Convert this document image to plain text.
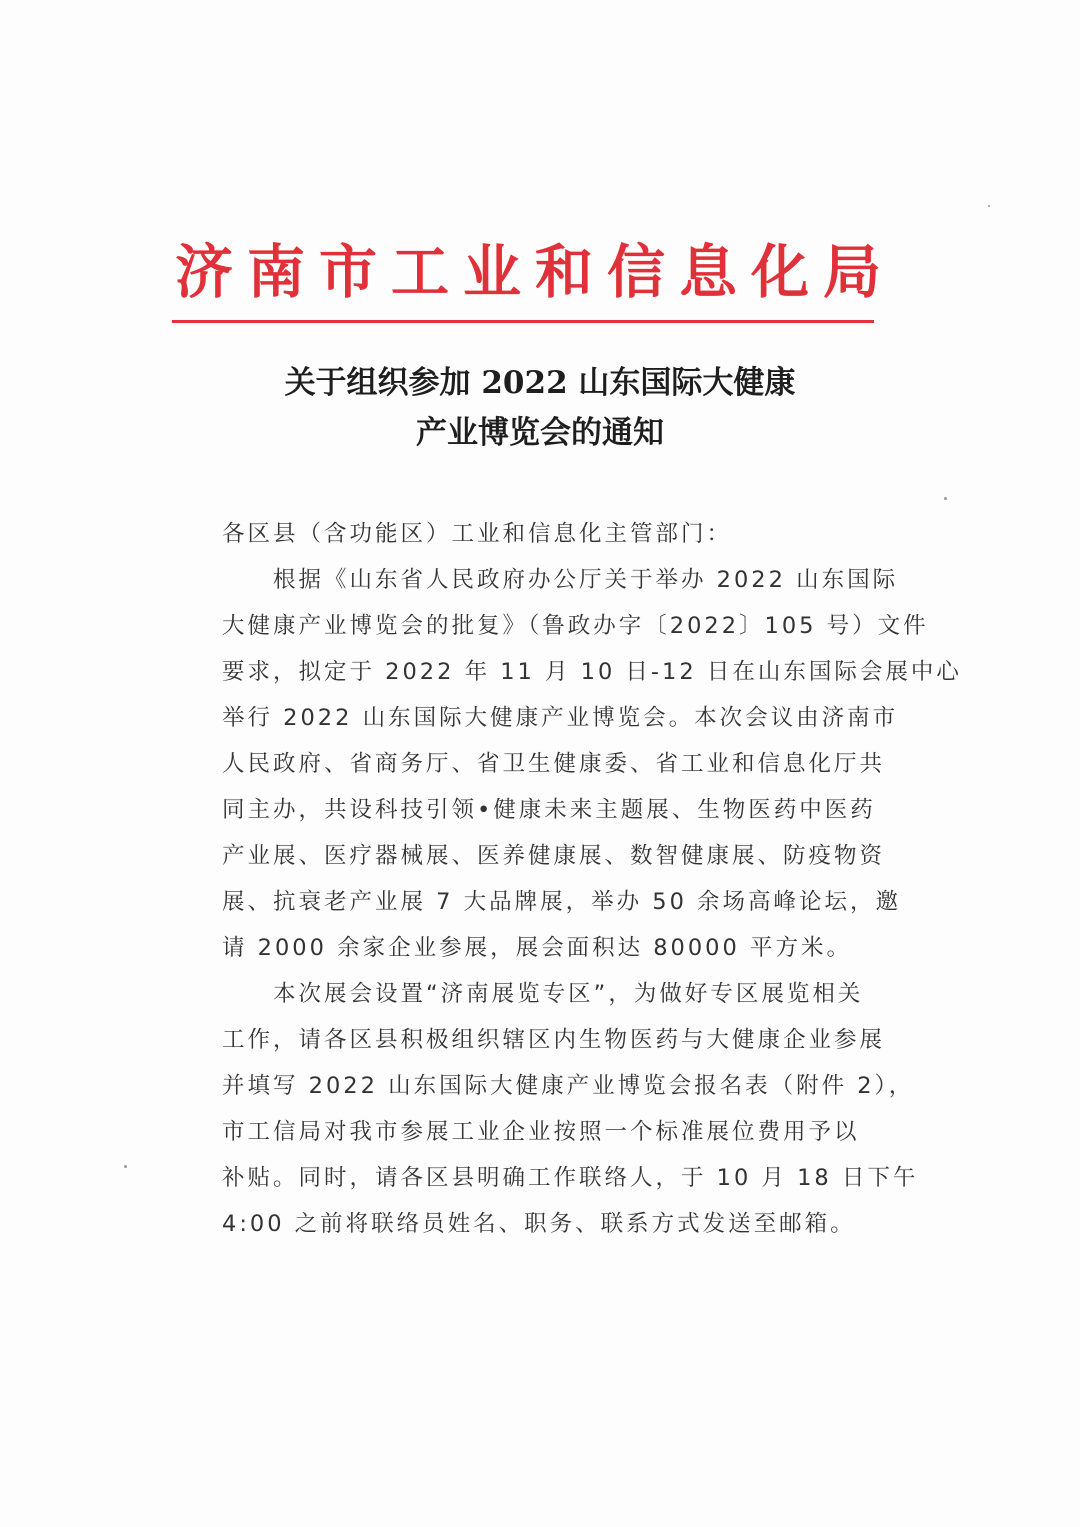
济南市工业和信息化局
关于组织参加 2022 山东国际大健康
产业博览会的通知
各区县（含功能区）工业和信息化主管部门：
根据《山东省人民政府办公厅关于举办 2022 山东国际
大健康产业博览会的批复》（鲁政办字〔2022〕105 号）文件
要求，拟定于 2022 年 11 月 10 日-12 日在山东国际会展中心
举行 2022 山东国际大健康产业博览会。本次会议由济南市
人民政府、省商务厅、省卫生健康委、省工业和信息化厅共
同主办，共设科技引领•健康未来主题展、生物医药中医药
产业展、医疗器械展、医养健康展、数智健康展、防疫物资
展、抗衰老产业展 7 大品牌展，举办 50 余场高峰论坛，邀
请 2000 余家企业参展，展会面积达 80000 平方米。
本次展会设置“济南展览专区”，为做好专区展览相关
工作，请各区县积极组织辖区内生物医药与大健康企业参展
并填写 2022 山东国际大健康产业博览会报名表（附件 2），
市工信局对我市参展工业企业按照一个标准展位费用予以
补贴。同时，请各区县明确工作联络人，于 10 月 18 日下午
4:00 之前将联络员姓名、职务、联系方式发送至邮箱。
